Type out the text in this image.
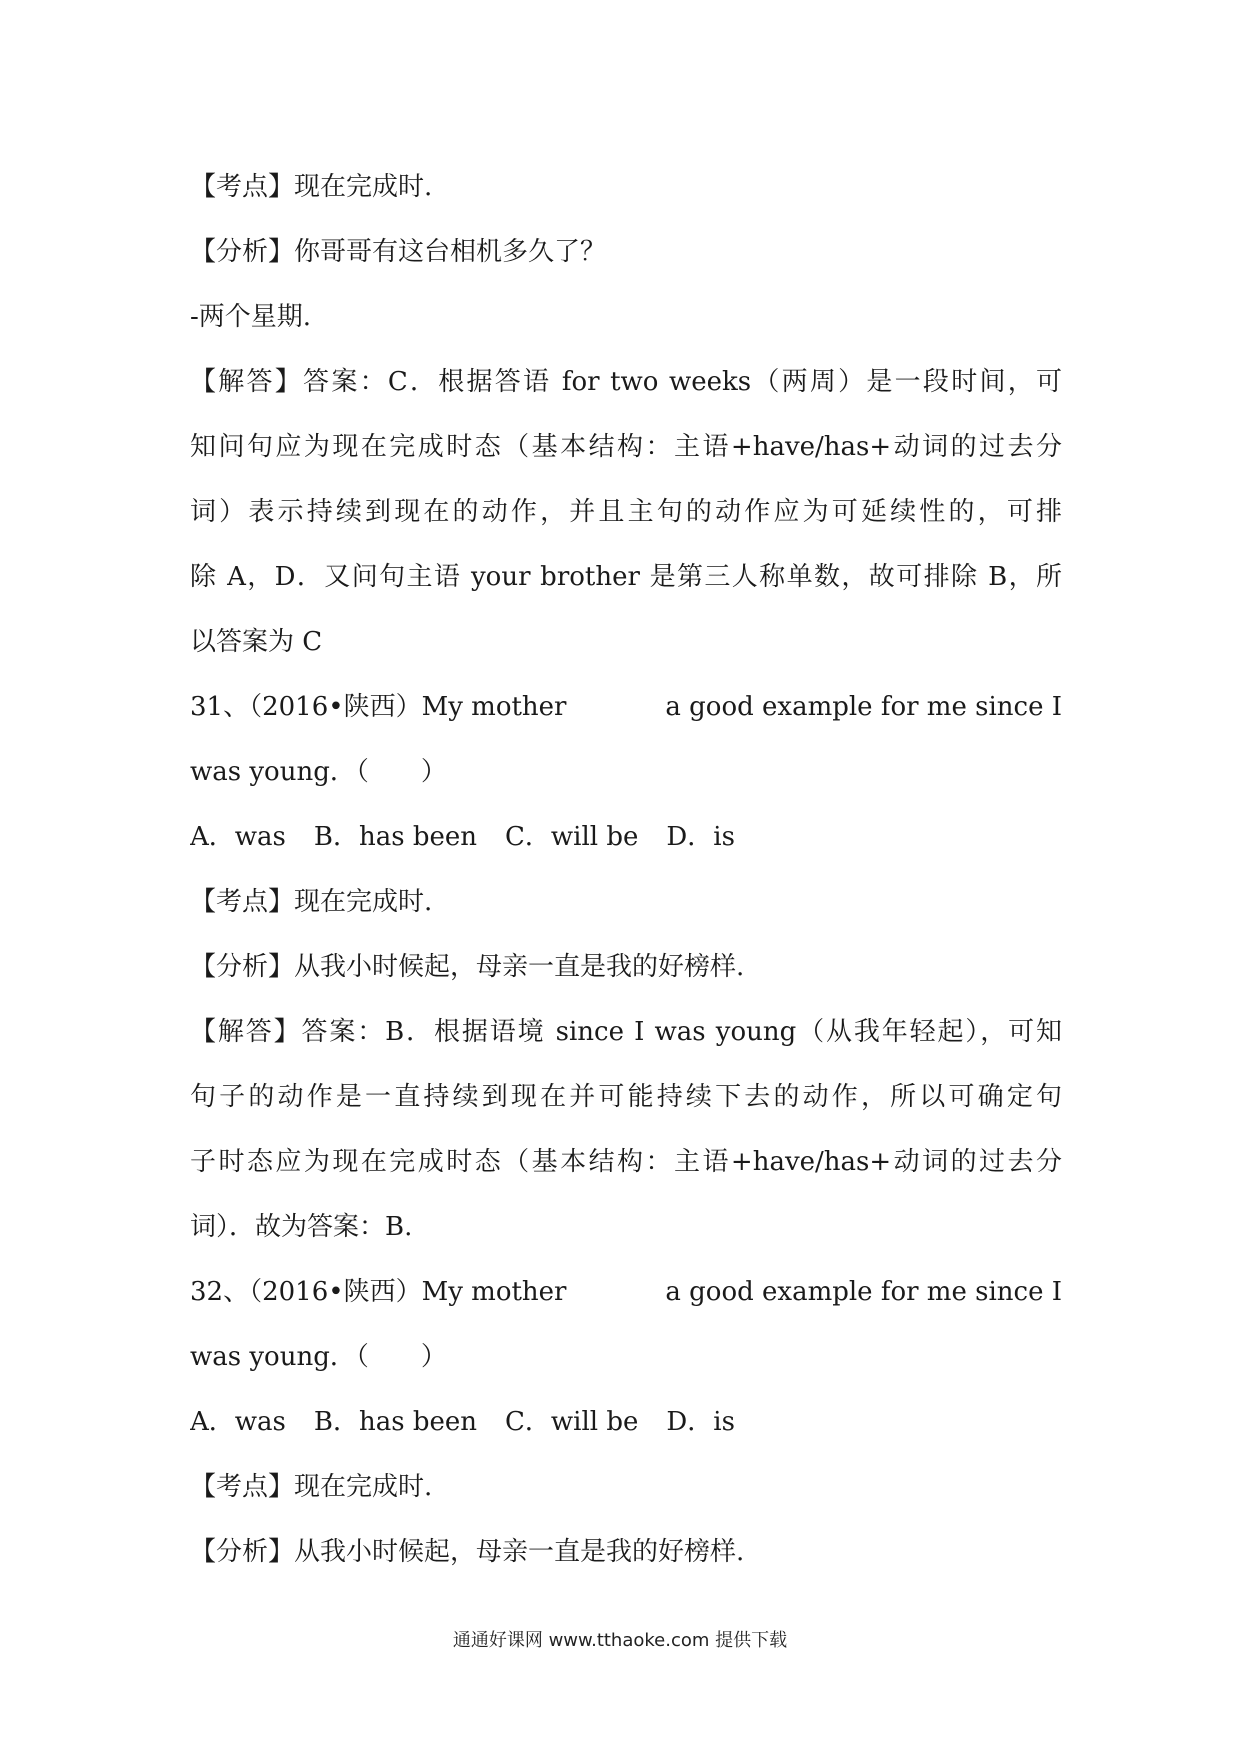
【考点】现在完成时.
【分析】你哥哥有这台相机多久了？
-两个星期.
【解答】答案：C．根据答语 for two weeks（两周）是一段时间，可
知问句应为现在完成时态（基本结构：主语+have/has+动词的过去分
词）表示持续到现在的动作，并且主句的动作应为可延续性的，可排
除 A，D．又问句主语 your brother 是第三人称单数，故可排除 B，所
以答案为 C
31、（2016•陕西）My mother	a good example for me since I
was young．（　　）
A．was B．has been C．will be D．is
【考点】现在完成时.
【分析】从我小时候起，母亲一直是我的好榜样.
【解答】答案：B．根据语境 since I was young（从我年轻起），可知
句子的动作是一直持续到现在并可能持续下去的动作，所以可确定句
子时态应为现在完成时态（基本结构：主语+have/has+动词的过去分
词）．故为答案：B.
32、（2016•陕西）My mother	a good example for me since I
was young．（　　）
A．was B．has been C．will be D．is
【考点】现在完成时.
【分析】从我小时候起，母亲一直是我的好榜样.
通通好课网 www.tthaoke.com 提供下载
